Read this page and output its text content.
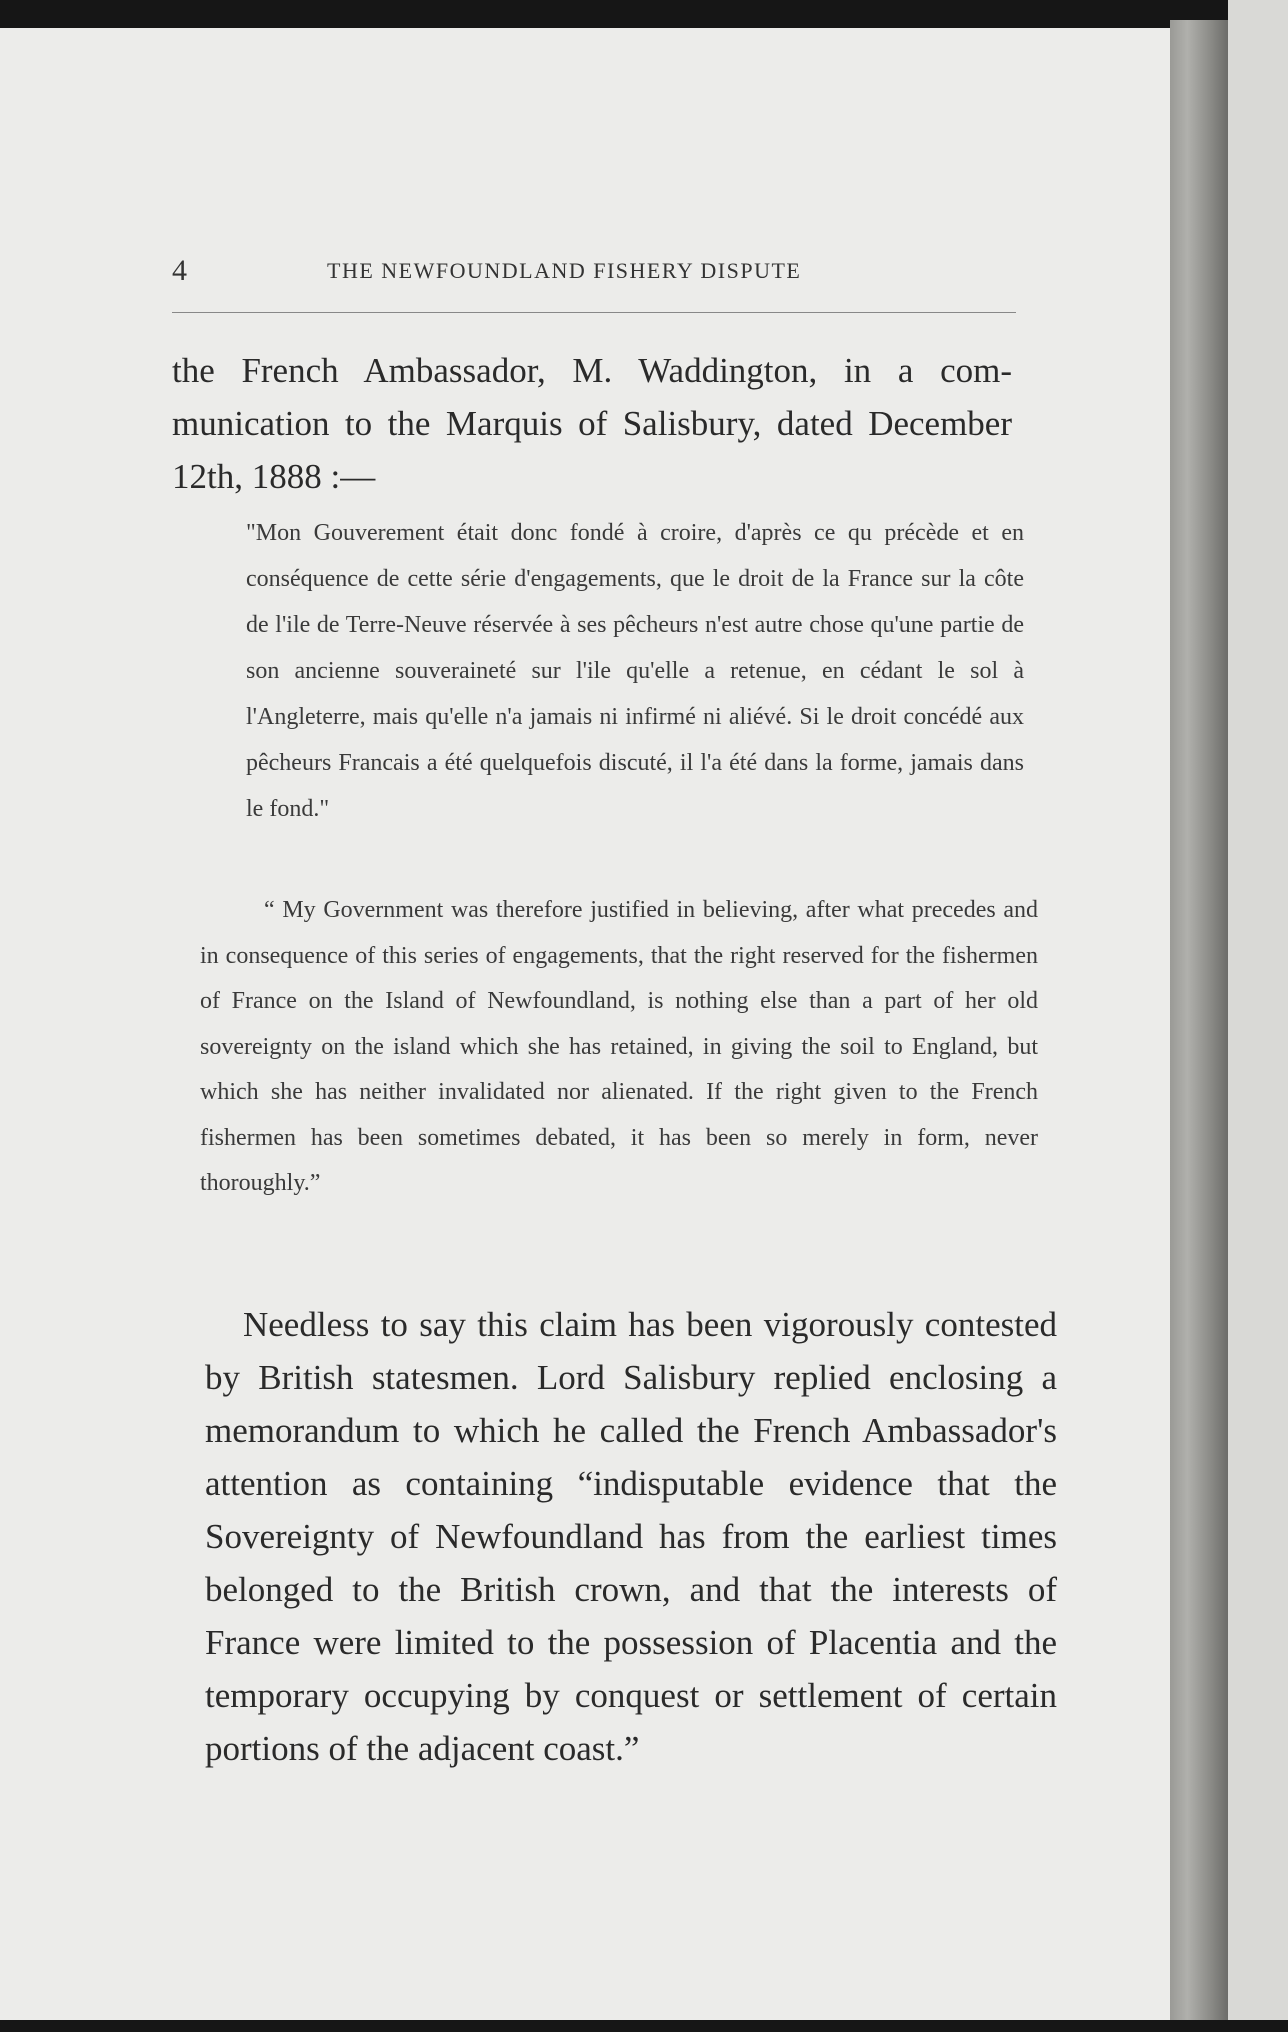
4	THE NEWFOUNDLAND FISHERY DISPUTE
the French Ambassador, M. Waddington, in a communication to the Marquis of Salisbury, dated December 12th, 1888 :—
"Mon Gouverement était donc fondé à croire, d'après ce qu précède et en conséquence de cette série d'engagements, que le droit de la France sur la côte de l'ile de Terre-Neuve réservée à ses pêcheurs n'est autre chose qu'une partie de son ancienne souveraineté sur l'ile qu'elle a retenue, en cédant le sol à l'Angleterre, mais qu'elle n'a jamais ni infirmé ni aliévé. Si le droit concédé aux pêcheurs Francais a été quelquefois discuté, il l'a été dans la forme, jamais dans le fond."
“ My Government was therefore justified in believing, after what precedes and in consequence of this series of engagements, that the right reserved for the fishermen of France on the Island of Newfoundland, is nothing else than a part of her old sovereignty on the island which she has retained, in giving the soil to England, but which she has neither invalidated nor alienated. If the right given to the French fishermen has been sometimes debated, it has been so merely in form, never thoroughly.”
Needless to say this claim has been vigorously contested by British statesmen. Lord Salisbury replied enclosing a memorandum to which he called the French Ambassador's attention as containing “indisputable evidence that the Sovereignty of Newfoundland has from the earliest times belonged to the British crown, and that the interests of France were limited to the possession of Placentia and the temporary occupying by conquest or settlement of certain portions of the adjacent coast.”
